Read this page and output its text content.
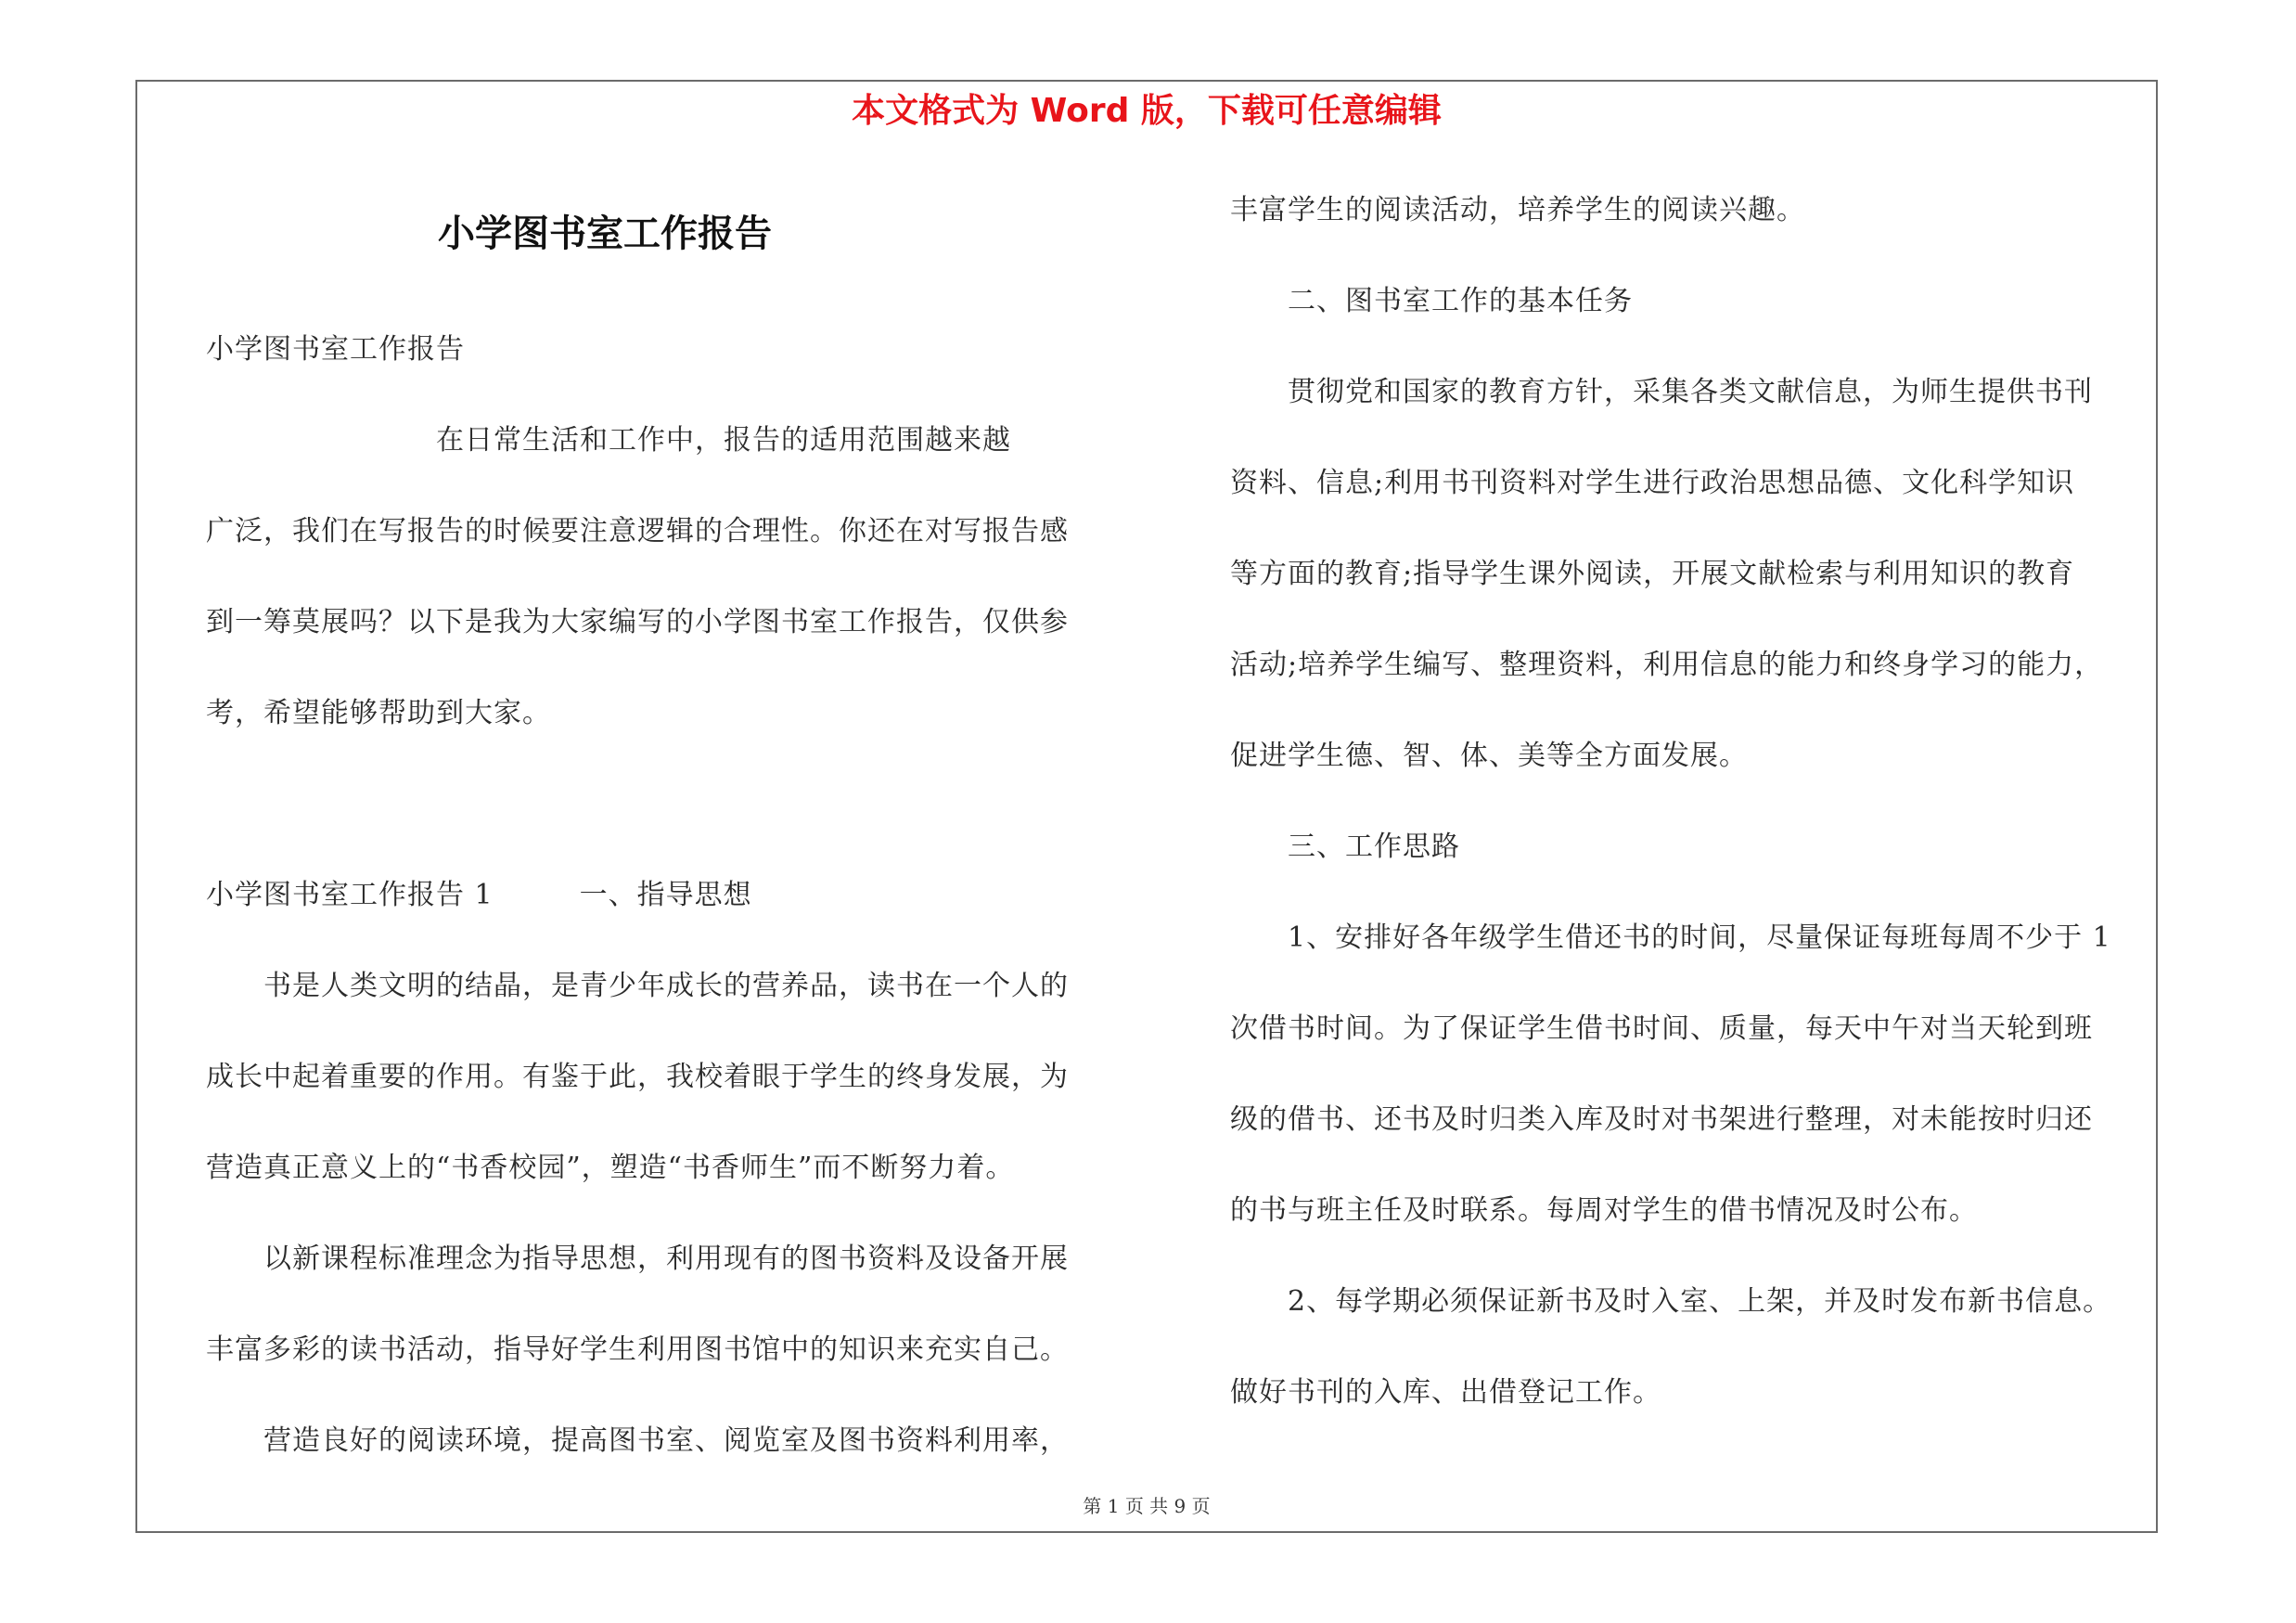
本文格式为 Word 版，下载可任意编辑
小学图书室工作报告
小学图书室工作报告
　　　　　　　　在日常生活和工作中，报告的适用范围越来越
广泛，我们在写报告的时候要注意逻辑的合理性。你还在对写报告感
到一筹莫展吗？以下是我为大家编写的小学图书室工作报告，仅供参
考，希望能够帮助到大家。
小学图书室工作报告 1　　　一、指导思想
　　书是人类文明的结晶，是青少年成长的营养品，读书在一个人的
成长中起着重要的作用。有鉴于此，我校着眼于学生的终身发展，为
营造真正意义上的“书香校园”，塑造“书香师生”而不断努力着。
　　以新课程标准理念为指导思想，利用现有的图书资料及设备开展
丰富多彩的读书活动，指导好学生利用图书馆中的知识来充实自己。
　　营造良好的阅读环境，提高图书室、阅览室及图书资料利用率，
丰富学生的阅读活动，培养学生的阅读兴趣。
　　二、图书室工作的基本任务
　　贯彻党和国家的教育方针，采集各类文献信息，为师生提供书刊
资料、信息;利用书刊资料对学生进行政治思想品德、文化科学知识
等方面的教育;指导学生课外阅读，开展文献检索与利用知识的教育
活动;培养学生编写、整理资料，利用信息的能力和终身学习的能力，
促进学生德、智、体、美等全方面发展。
　　三、工作思路
　　1、安排好各年级学生借还书的时间，尽量保证每班每周不少于 1
次借书时间。为了保证学生借书时间、质量，每天中午对当天轮到班
级的借书、还书及时归类入库及时对书架进行整理，对未能按时归还
的书与班主任及时联系。每周对学生的借书情况及时公布。
　　2、每学期必须保证新书及时入室、上架，并及时发布新书信息。
做好书刊的入库、出借登记工作。
第 1 页 共 9 页
